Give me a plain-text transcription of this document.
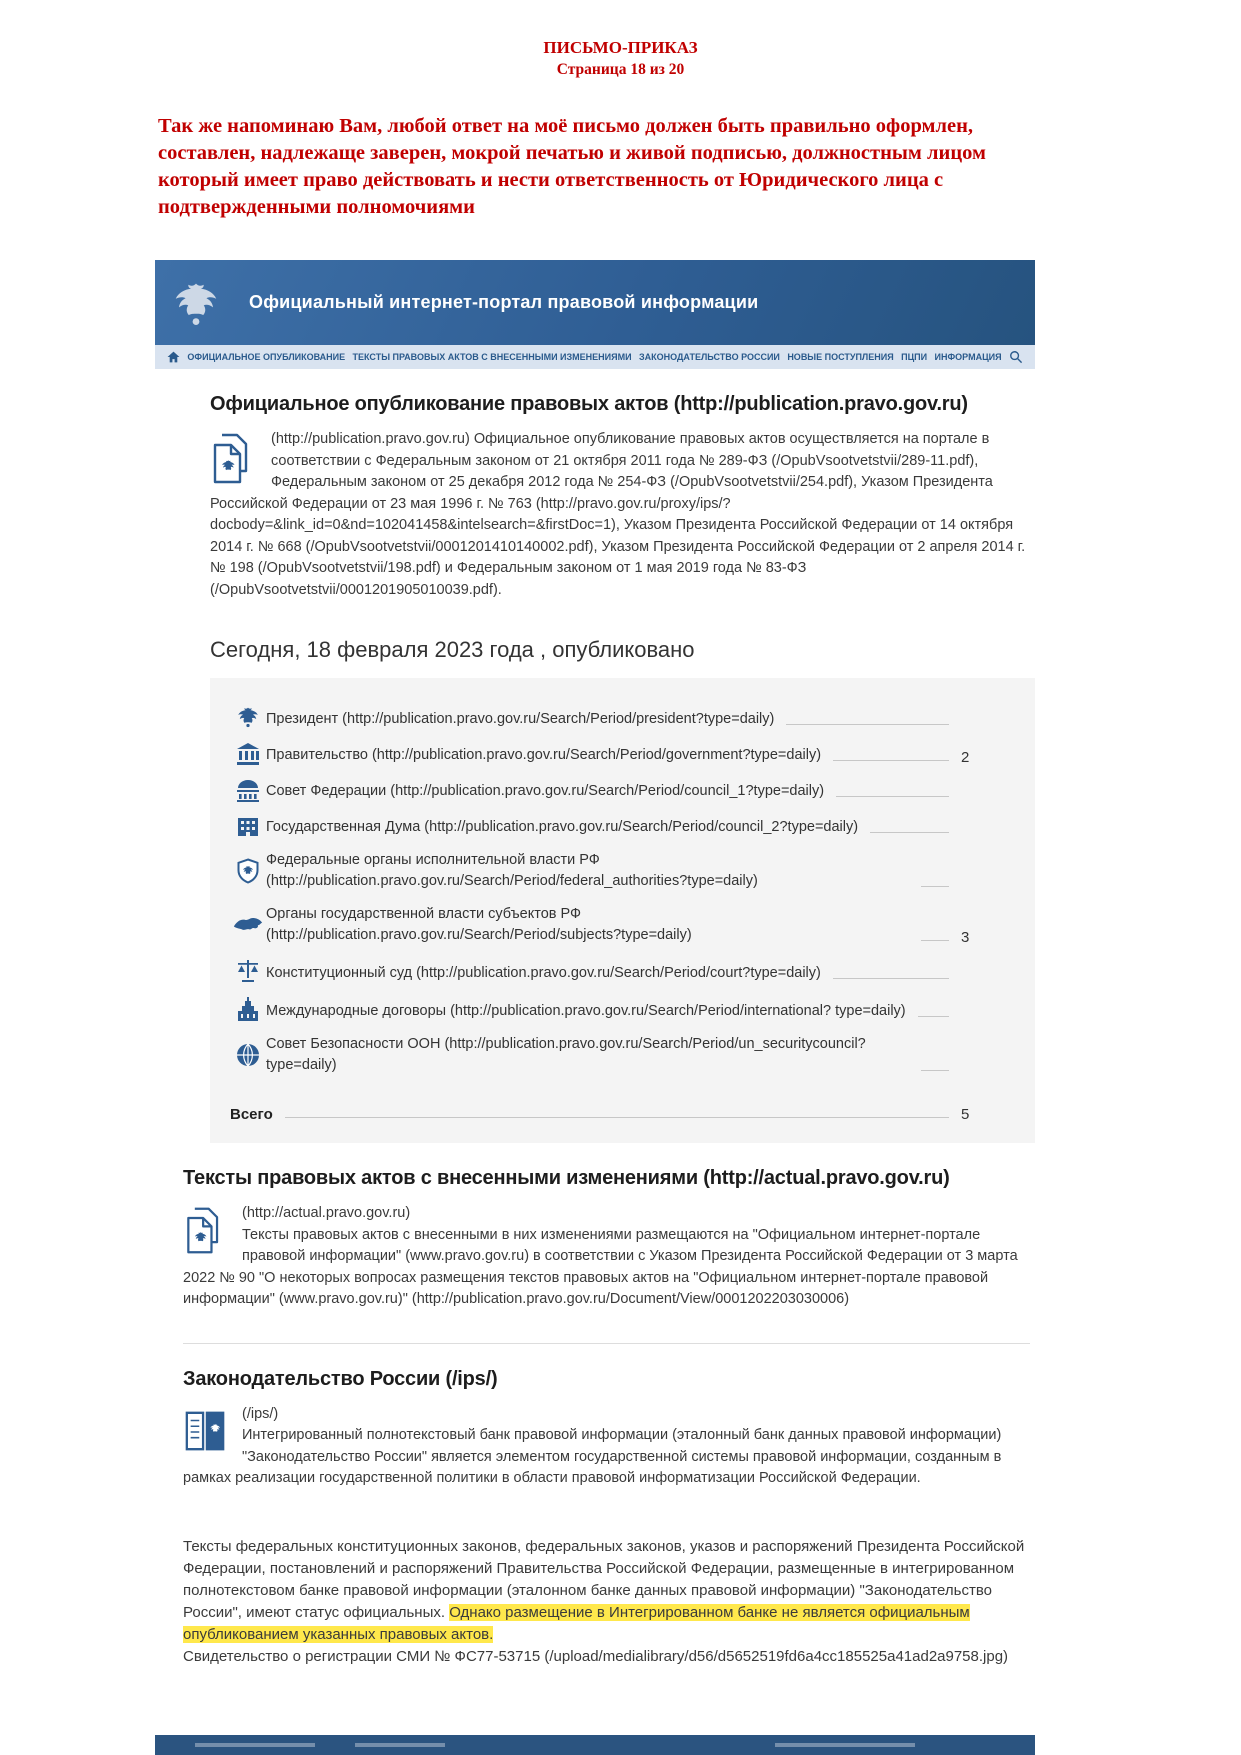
ПИСЬМО-ПРИКАЗ
Страница 18 из 20
Так же напоминаю Вам, любой ответ на моё письмо должен быть правильно оформлен, составлен, надлежаще заверен, мокрой печатью и живой подписью, должностным лицом который имеет право действовать и нести ответственность от Юридического лица с подтвержденными полномочиями
Официальный интернет-портал правовой информации
ОФИЦИАЛЬНОЕ ОПУБЛИКОВАНИЕ ТЕКСТЫ ПРАВОВЫХ АКТОВ С ВНЕСЕННЫМИ ИЗМЕНЕНИЯМИ ЗАКОНОДАТЕЛЬСТВО РОССИИ НОВЫЕ ПОСТУПЛЕНИЯ ПЦПИ ИНФОРМАЦИЯ
Официальное опубликование правовых актов (http://publication.pravo.gov.ru)
(http://publication.pravo.gov.ru) Официальное опубликование правовых актов осуществляется на портале в соответствии с Федеральным законом от 21 октября 2011 года № 289-ФЗ (/OpubVsootvetstvii/289-11.pdf), Федеральным законом от 25 декабря 2012 года № 254-ФЗ (/OpubVsootvetstvii/254.pdf), Указом Президента Российской Федерации от 23 мая 1996 г. № 763 (http://pravo.gov.ru/proxy/ips/? docbody=&link_id=0&nd=102041458&intelsearch=&firstDoc=1), Указом Президента Российской Федерации от 14 октября 2014 г. № 668 (/OpubVsootvetstvii/0001201410140002.pdf), Указом Президента Российской Федерации от 2 апреля 2014 г. № 198 (/OpubVsootvetstvii/198.pdf) и Федеральным законом от 1 мая 2019 года № 83-ФЗ (/OpubVsootvetstvii/0001201905010039.pdf).
Сегодня, 18 февраля 2023 года , опубликовано
Президент (http://publication.pravo.gov.ru/Search/Period/president?type=daily)
Правительство (http://publication.pravo.gov.ru/Search/Period/government?type=daily)	2
Совет Федерации (http://publication.pravo.gov.ru/Search/Period/council_1?type=daily)
Государственная Дума (http://publication.pravo.gov.ru/Search/Period/council_2?type=daily)
Федеральные органы исполнительной власти РФ (http://publication.pravo.gov.ru/Search/Period/federal_authorities?type=daily)
Органы государственной власти субъектов РФ (http://publication.pravo.gov.ru/Search/Period/subjects?type=daily)	3
Конституционный суд (http://publication.pravo.gov.ru/Search/Period/court?type=daily)
Международные договоры (http://publication.pravo.gov.ru/Search/Period/international? type=daily)
Совет Безопасности ООН (http://publication.pravo.gov.ru/Search/Period/un_securitycouncil? type=daily)
Всего	5
Тексты правовых актов с внесенными изменениями (http://actual.pravo.gov.ru)
(http://actual.pravo.gov.ru)
Тексты правовых актов с внесенными в них изменениями размещаются на "Официальном интернет-портале правовой информации" (www.pravo.gov.ru) в соответствии с Указом Президента Российской Федерации от 3 марта 2022 № 90 "О некоторых вопросах размещения текстов правовых актов на "Официальном интернет-портале правовой информации" (www.pravo.gov.ru)" (http://publication.pravo.gov.ru/Document/View/0001202203030006)
Законодательство России (/ips/)
(/ips/)
Интегрированный полнотекстовый банк правовой информации (эталонный банк данных правовой информации) "Законодательство России" является элементом государственной системы правовой информации, созданным в рамках реализации государственной политики в области правовой информатизации Российской Федерации.
Тексты федеральных конституционных законов, федеральных законов, указов и распоряжений Президента Российской Федерации, постановлений и распоряжений Правительства Российской Федерации, размещенные в интегрированном полнотекстовом банке правовой информации (эталонном банке данных правовой информации) "Законодательство России", имеют статус официальных. Однако размещение в Интегрированном банке не является официальным опубликованием указанных правовых актов.
Свидетельство о регистрации СМИ № ФС77-53715 (/upload/medialibrary/d56/d5652519fd6a4cc185525a41ad2a9758.jpg)
